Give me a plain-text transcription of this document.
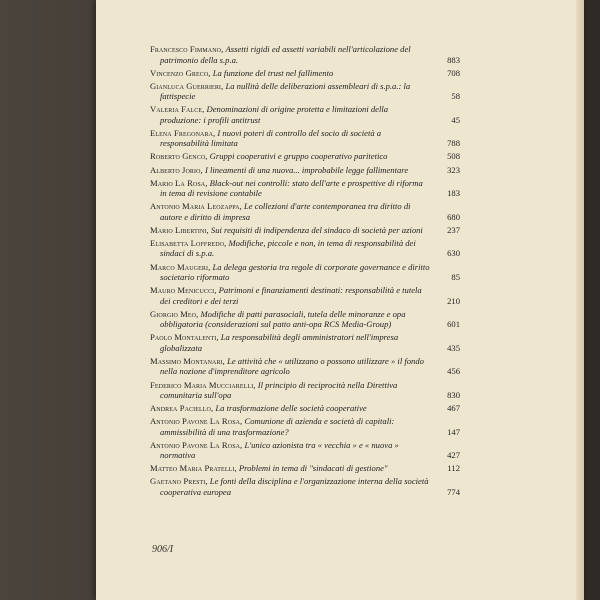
Francesco Fimmano, Assetti rigidi ed assetti variabili nell'articolazione del patrimonio della s.p.a.	883
Vincenzo Greco, La funzione del trust nel fallimento	708
Gianluca Guerrieri, La nullità delle deliberazioni assembleari di s.p.a.: la fattispecie	58
Valeria Falce, Denominazioni di origine protetta e limitazioni della produzione: i profili antitrust	45
Elena Fregonara, I nuovi poteri di controllo del socio di società a responsabilità limitata	788
Roberto Genco, Gruppi cooperativi e gruppo cooperativo paritetico	508
Alberto Jorio, I lineamenti di una nuova... improbabile legge fallimentare	323
Mario La Rosa, Black-out nei controlli: stato dell'arte e prospettive di riforma in tema di revisione contabile	183
Antonio Maria Leozappa, Le collezioni d'arte contemporanea tra diritto di autore e diritto di impresa	680
Mario Libertini, Sui requisiti di indipendenza del sindaco di società per azioni	237
Elisabetta Loffredo, Modifiche, piccole e non, in tema di responsabilità dei sindaci di s.p.a.	630
Marco Maugeri, La delega gestoria tra regole di corporate governance e diritto societario riformato	85
Mauro Menicucci, Patrimoni e finanziamenti destinati: responsabilità e tutela dei creditori e dei terzi	210
Giorgio Meo, Modifiche di patti parasociali, tutela delle minoranze e opa obbligatoria (considerazioni sul patto anti-opa RCS Media-Group)	601
Paolo Montalenti, La responsabilità degli amministratori nell'impresa globalizzata	435
Massimo Montanari, Le attività che « utilizzano o possono utilizzare » il fondo nella nozione d'imprenditore agricolo	456
Federico Maria Mucciarelli, Il principio di reciprocità nella Direttiva comunitaria sull'opa	830
Andrea Paciello, La trasformazione delle società cooperative	467
Antonio Pavone La Rosa, Comunione di azienda e società di capitali: ammissibilità di una trasformazione?	147
Antonio Pavone La Rosa, L'unico azionista tra « vecchia » e « nuova » normativa	427
Matteo Maria Pratelli, Problemi in tema di "sindacati di gestione"	112
Gaetano Presti, Le fonti della disciplina e l'organizzazione interna della società cooperativa europea	774
906/I
